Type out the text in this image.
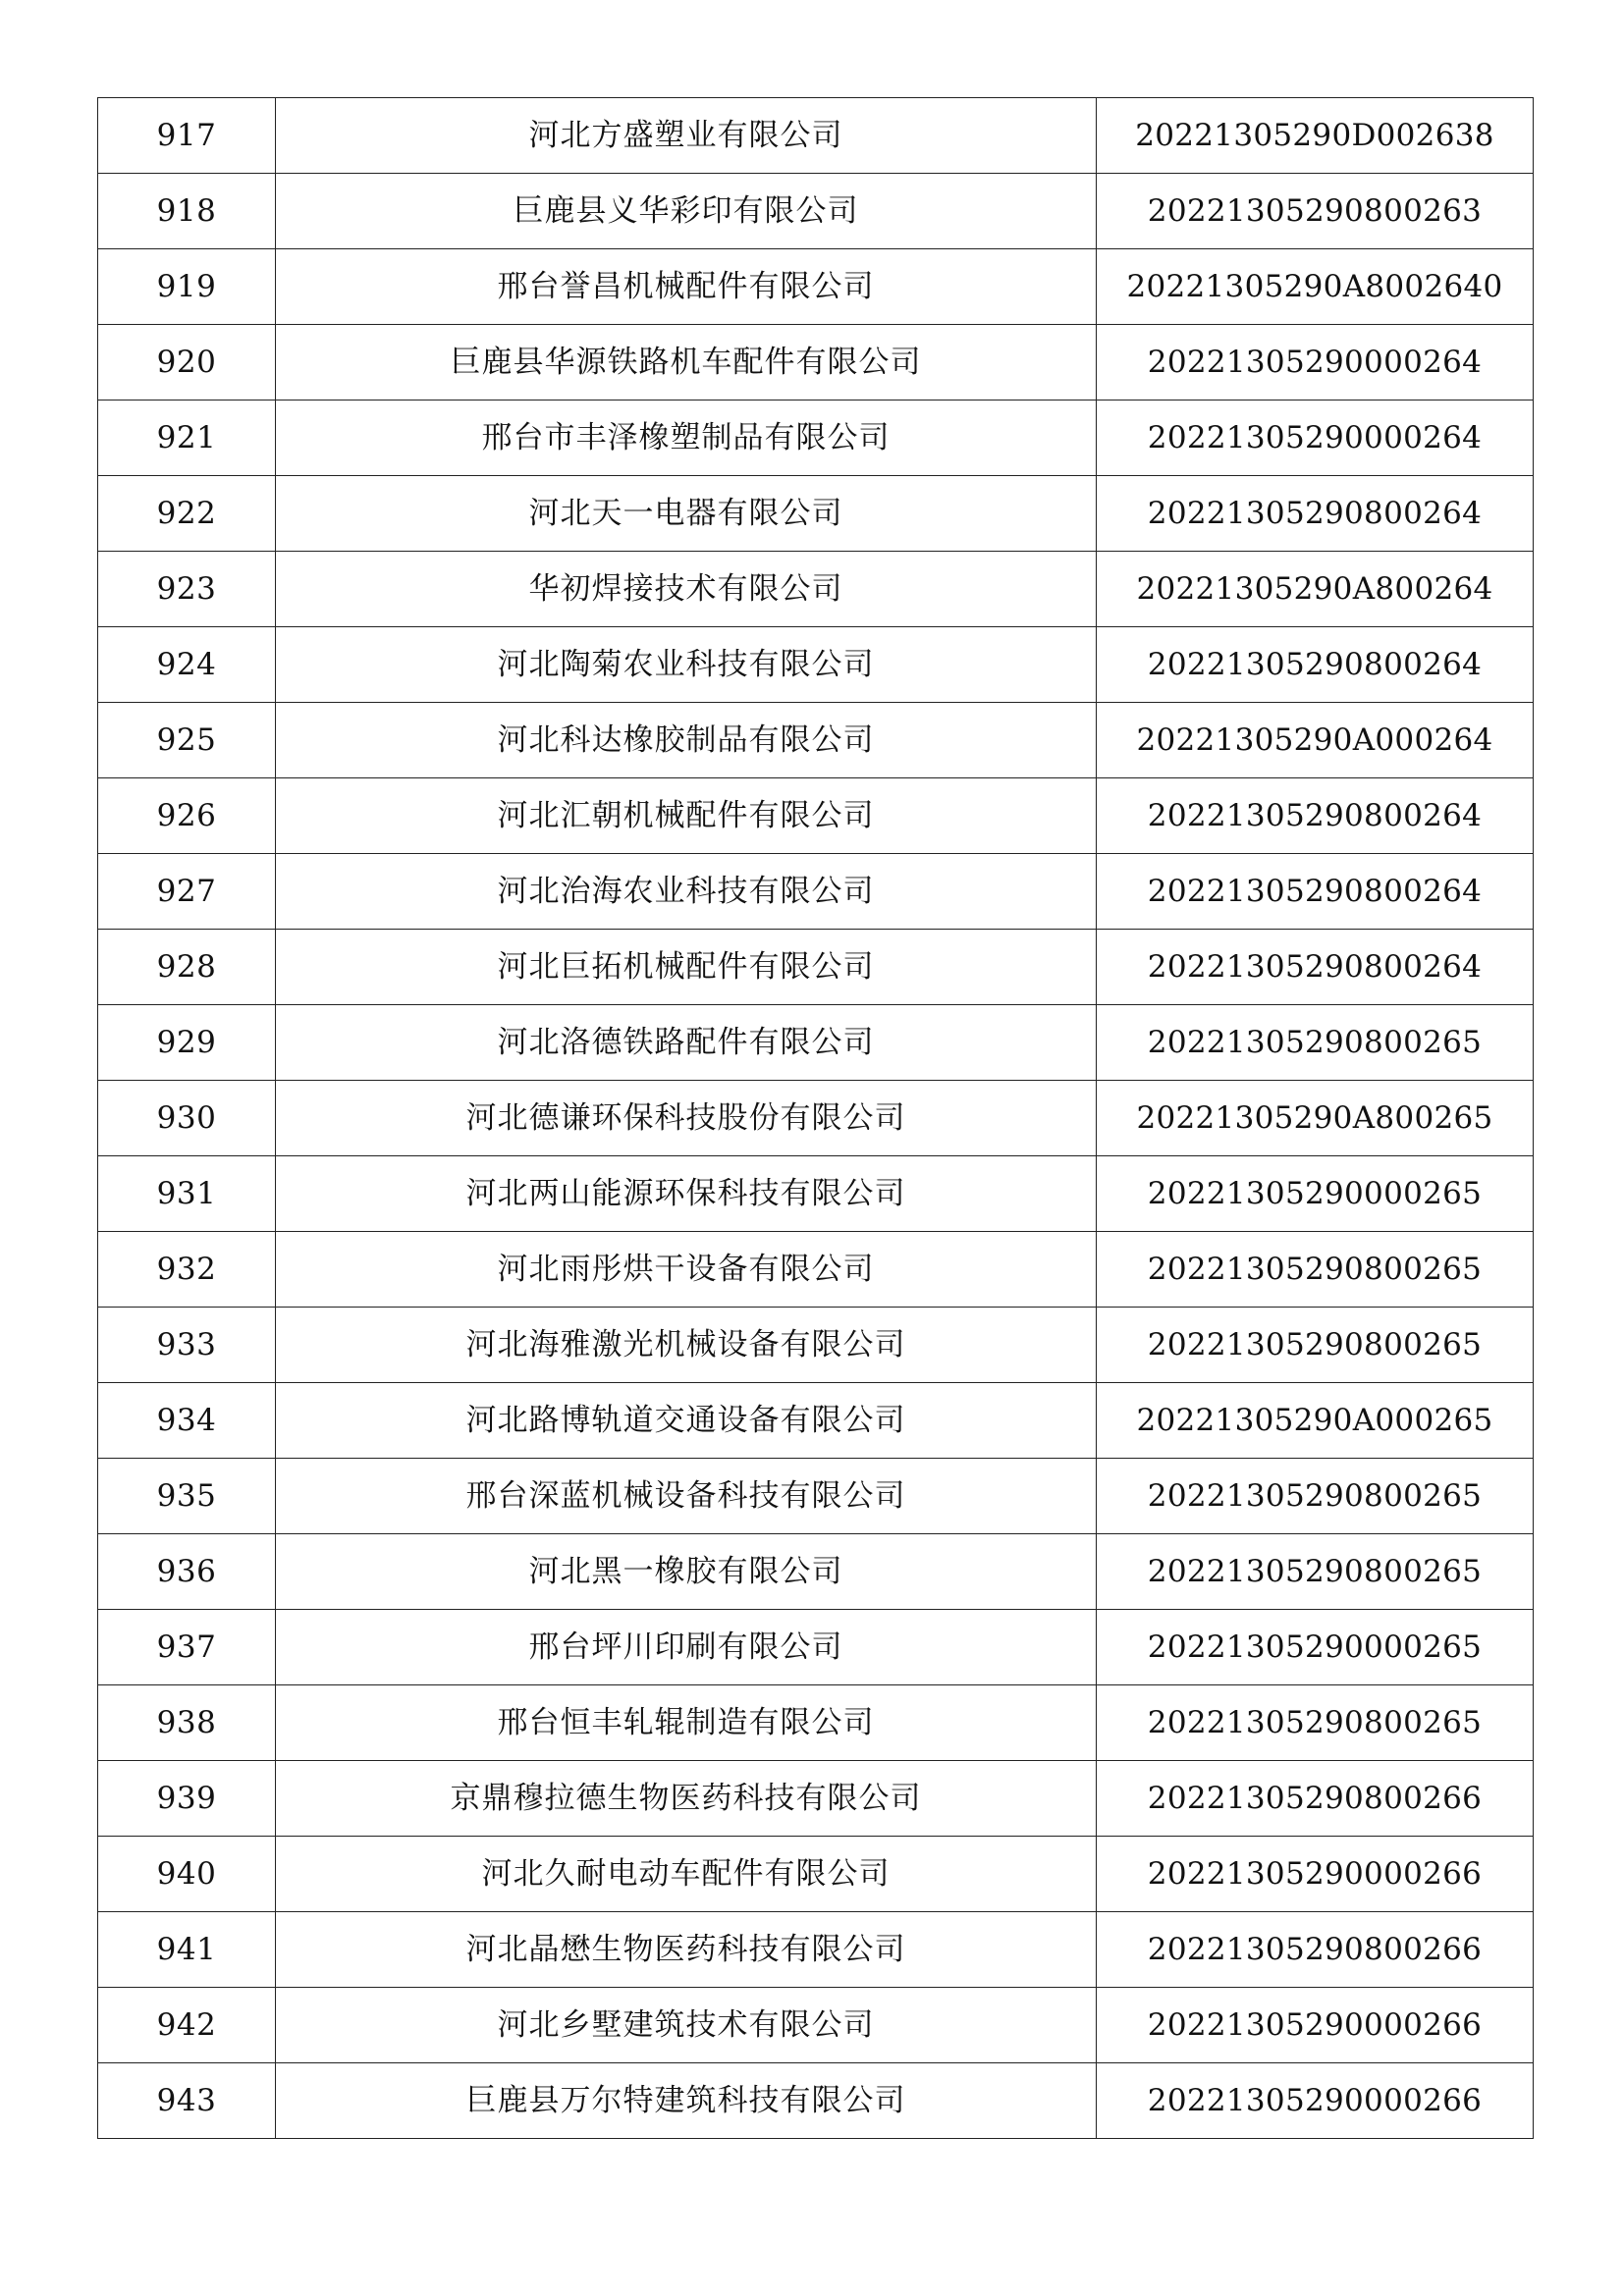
917	河北方盛塑业有限公司	20221305290D002638
918	巨鹿县义华彩印有限公司	20221305290800263
919	邢台誉昌机械配件有限公司	20221305290A8002640
920	巨鹿县华源铁路机车配件有限公司	20221305290000264
921	邢台市丰泽橡塑制品有限公司	20221305290000264
922	河北天一电器有限公司	20221305290800264
923	华初焊接技术有限公司	20221305290A800264
924	河北陶菊农业科技有限公司	20221305290800264
925	河北科达橡胶制品有限公司	20221305290A000264
926	河北汇朝机械配件有限公司	20221305290800264
927	河北治海农业科技有限公司	20221305290800264
928	河北巨拓机械配件有限公司	20221305290800264
929	河北洛德铁路配件有限公司	20221305290800265
930	河北德谦环保科技股份有限公司	20221305290A800265
931	河北两山能源环保科技有限公司	20221305290000265
932	河北雨彤烘干设备有限公司	20221305290800265
933	河北海雅激光机械设备有限公司	20221305290800265
934	河北路博轨道交通设备有限公司	20221305290A000265
935	邢台深蓝机械设备科技有限公司	20221305290800265
936	河北黑一橡胶有限公司	20221305290800265
937	邢台坪川印刷有限公司	20221305290000265
938	邢台恒丰轧辊制造有限公司	20221305290800265
939	京鼎穆拉德生物医药科技有限公司	20221305290800266
940	河北久耐电动车配件有限公司	20221305290000266
941	河北晶懋生物医药科技有限公司	20221305290800266
942	河北乡墅建筑技术有限公司	20221305290000266
943	巨鹿县万尔特建筑科技有限公司	20221305290000266
